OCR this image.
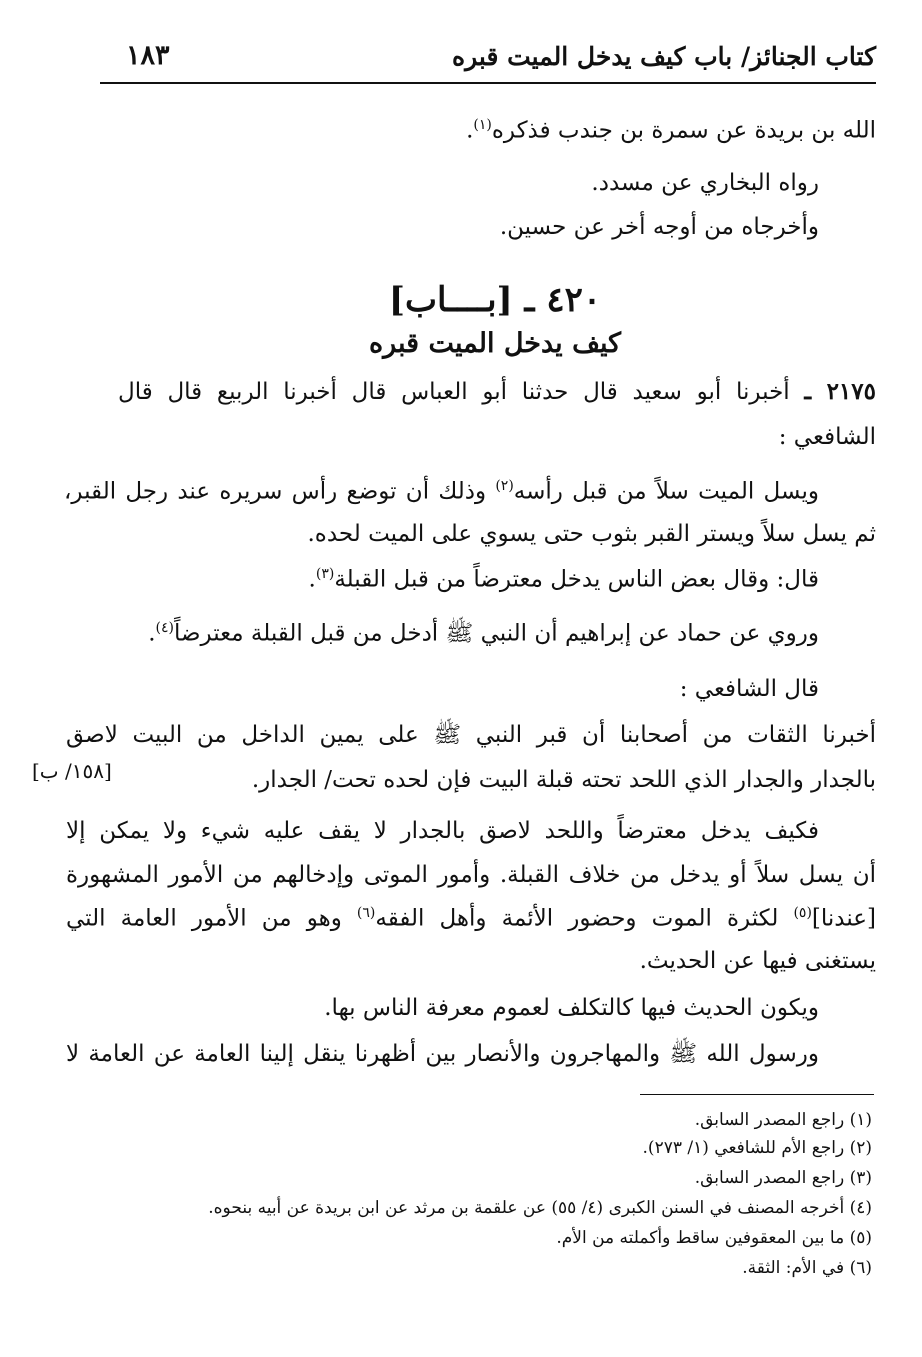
كتاب الجنائز/ باب كيف يدخل الميت قبره
١٨٣
الله بن بريدة عن سمرة بن جندب فذكره$^{(١)}$.
رواه البخاري عن مسدد.
وأخرجاه من أوجه أخر عن حسين.
٤٢٠ ـ [بــــاب]
كيف يدخل الميت قبره
٢١٧٥ ـ أخبرنا أبو سعيد قال حدثنا أبو العباس قال أخبرنا الربيع قال قال
الشافعي :
ويسل الميت سلاً من قبل رأسه$^{(٢)}$ وذلك أن توضع رأس سريره عند رجل القبر،
ثم يسل سلاً ويستر القبر بثوب حتى يسوي على الميت لحده.
قال: وقال بعض الناس يدخل معترضاً من قبل القبلة$^{(٣)}$.
وروي عن حماد عن إبراهيم أن النبي ﷺ أدخل من قبل القبلة معترضاً$^{(٤)}$.
قال الشافعي :
أخبرنا الثقات من أصحابنا أن قبر النبي ﷺ على يمين الداخل من البيت لاصق
بالجدار والجدار الذي اللحد تحته قبلة البيت فإن لحده تحت/ الجدار.
[١٥٨/ ب]
فكيف يدخل معترضاً واللحد لاصق بالجدار لا يقف عليه شيء ولا يمكن إلا
أن يسل سلاً أو يدخل من خلاف القبلة. وأمور الموتى وإدخالهم من الأمور المشهورة
[عندنا]$^{(٥)}$ لكثرة الموت وحضور الأئمة وأهل الفقه$^{(٦)}$ وهو من الأمور العامة التي
يستغنى فيها عن الحديث.
ويكون الحديث فيها كالتكلف لعموم معرفة الناس بها.
ورسول الله ﷺ والمهاجرون والأنصار بين أظهرنا ينقل إلينا العامة عن العامة لا
(١) راجع المصدر السابق.
(٢) راجع الأم للشافعي (١/ ٢٧٣).
(٣) راجع المصدر السابق.
(٤) أخرجه المصنف في السنن الكبرى (٤/ ٥٥) عن علقمة بن مرثد عن ابن بريدة عن أبيه بنحوه.
(٥) ما بين المعقوفين ساقط وأكملته من الأم.
(٦) في الأم: الثقة.
